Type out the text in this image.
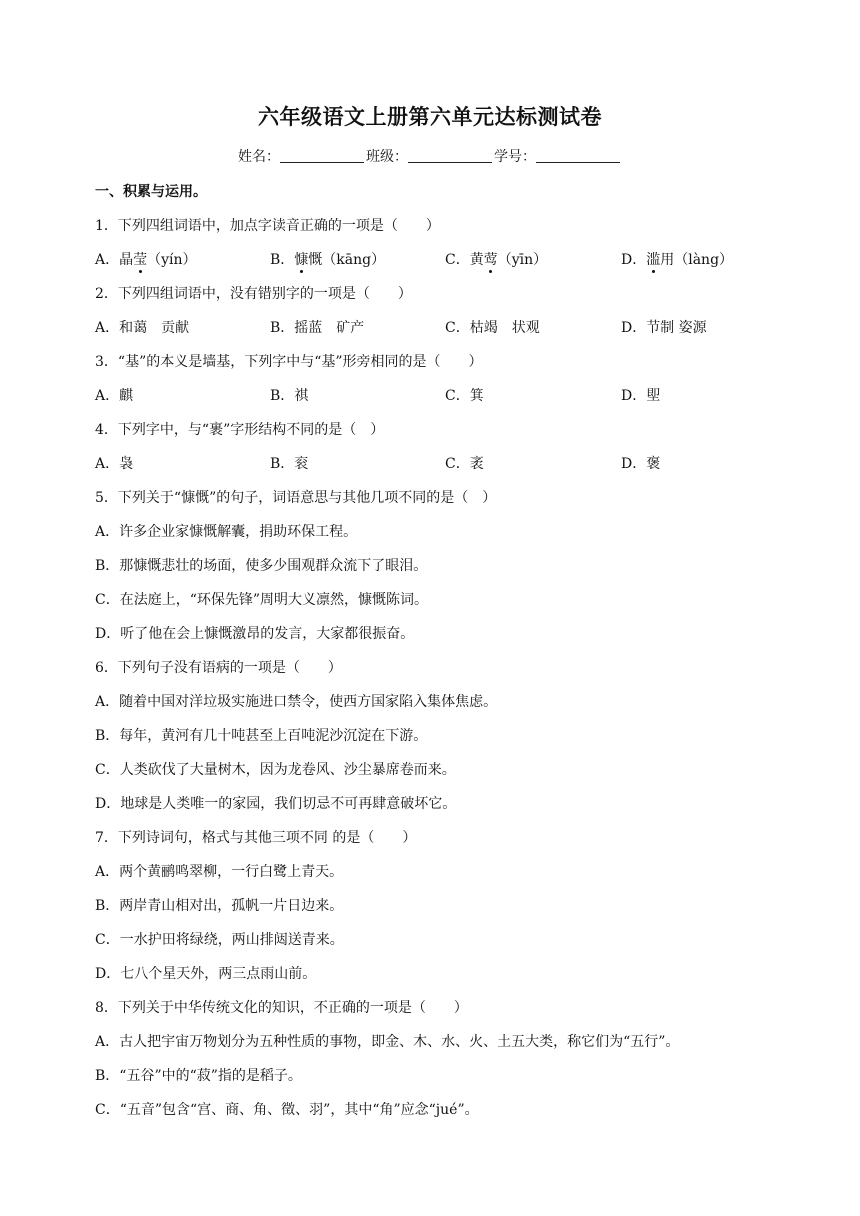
六年级语文上册第六单元达标测试卷
姓名：	班级：	学号：
一、积累与运用。
1．下列四组词语中，加点字读音正确的一项是（　　）
A．晶莹（yín）	B．慷慨（kāng）	C．黄莺（yīn）	D．滥用（làng）
2．下列四组词语中，没有错别字的一项是（　　）
A．和蔼　贡献	B．摇蓝　矿产	C．枯竭　状观	D．节制 姿源
3．“基”的本义是墙基，下列字中与“基”形旁相同的是（　　）
A．麒	B．祺	C．箕	D．堲
4．下列字中，与“裹”字形结构不同的是（　）
A．袅	B．衮	C．袤	D．褒
5．下列关于“慷慨”的句子，词语意思与其他几项不同的是（　）
A．许多企业家慷慨解囊，捐助环保工程。
B．那慷慨悲壮的场面，使多少围观群众流下了眼泪。
C．在法庭上，“环保先锋”周明大义凛然，慷慨陈词。
D．听了他在会上慷慨激昂的发言，大家都很振奋。
6．下列句子没有语病的一项是（　　）
A．随着中国对洋垃圾实施进口禁令，使西方国家陷入集体焦虑。
B．每年，黄河有几十吨甚至上百吨泥沙沉淀在下游。
C．人类砍伐了大量树木，因为龙卷风、沙尘暴席卷而来。
D．地球是人类唯一的家园，我们切忌不可再肆意破坏它。
7．下列诗词句，格式与其他三项不同 的是（　　）
A．两个黄鹂鸣翠柳，一行白鹭上青天。
B．两岸青山相对出，孤帆一片日边来。
C．一水护田将绿绕，两山排闼送青来。
D．七八个星天外，两三点雨山前。
8．下列关于中华传统文化的知识，不正确的一项是（　　）
A．古人把宇宙万物划分为五种性质的事物，即金、木、水、火、土五大类，称它们为“五行”。
B．“五谷”中的“菽”指的是稻子。
C．“五音”包含“宫、商、角、徵、羽”，其中“角”应念“jué”。
